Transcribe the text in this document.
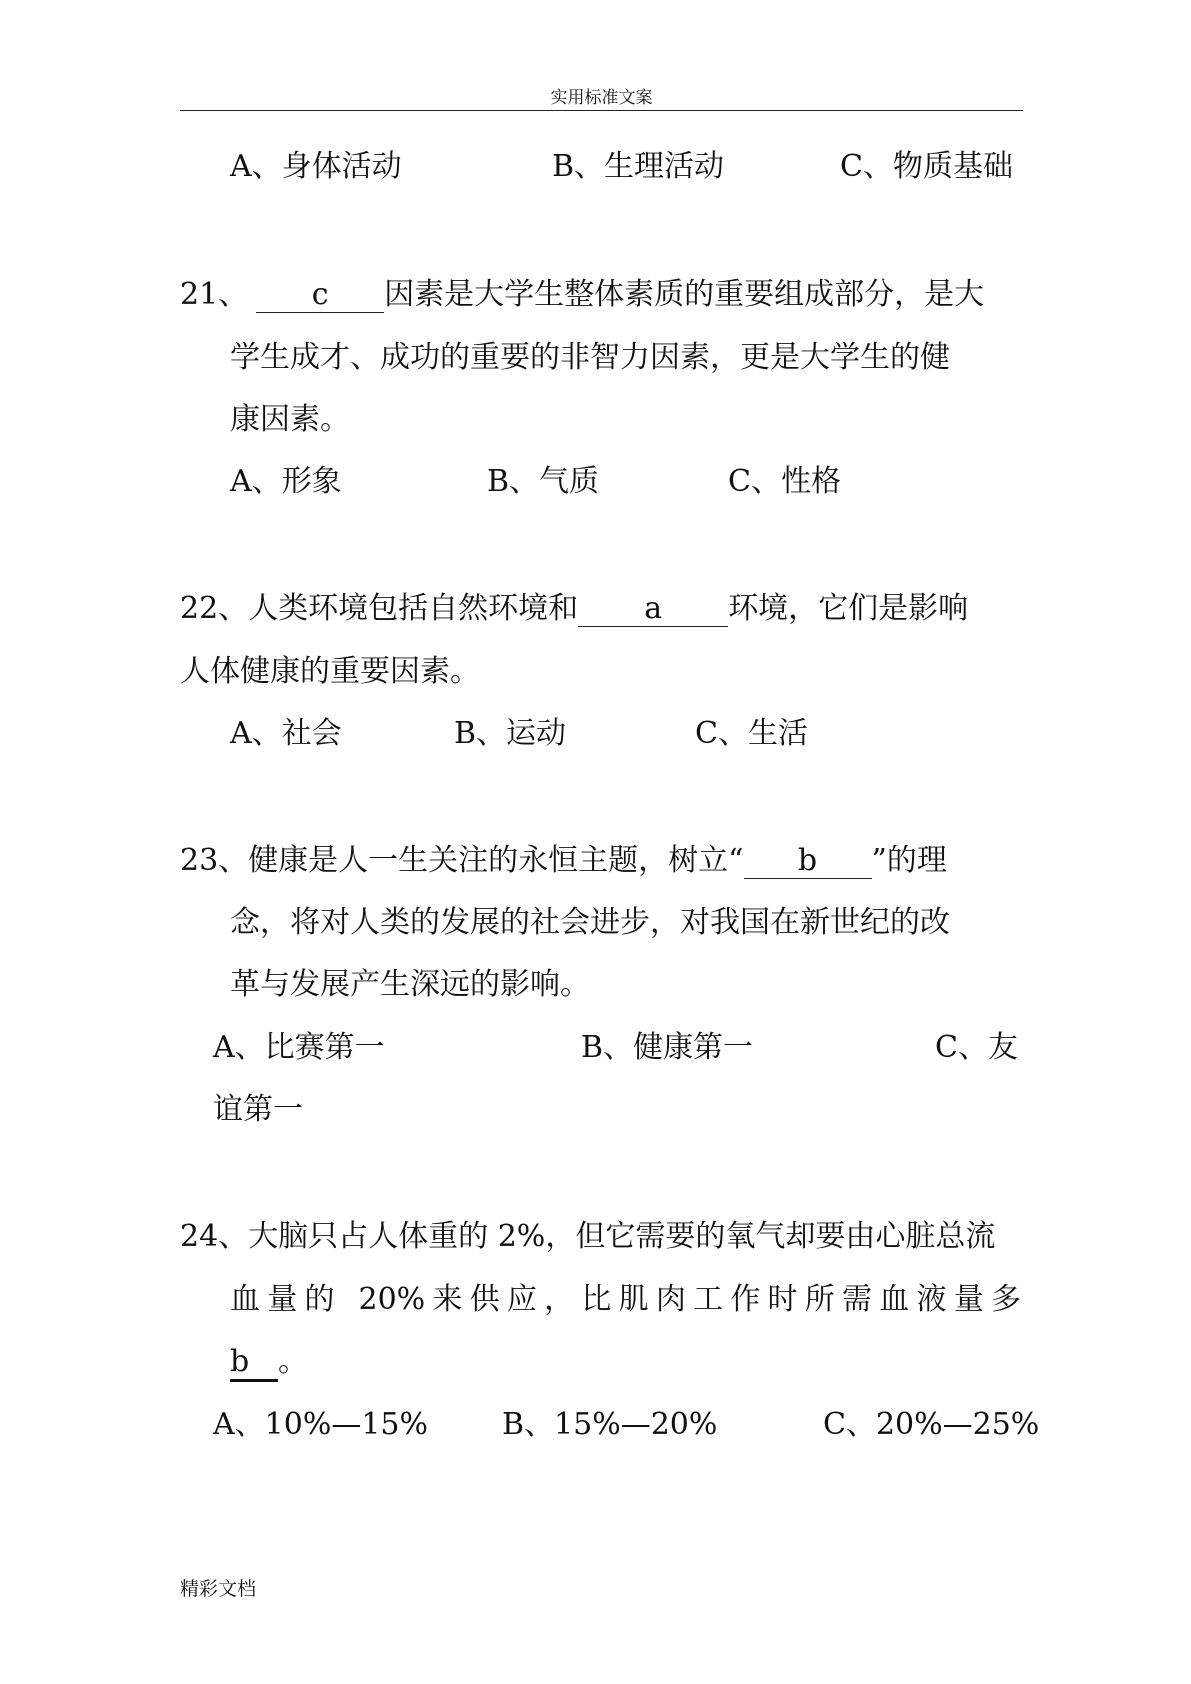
实用标准文案
A、身体活动	B、生理活动	C、物质基础
21、 c 因素是大学生整体素质的重要组成部分，是大
学生成才、成功的重要的非智力因素，更是大学生的健
康因素。
A、形象	B、气质	C、性格
22、人类环境包括自然环境和 a 环境，它们是影响
人体健康的重要因素。
A、社会	B、运动	C、生活
23、健康是人一生关注的永恒主题，树立“ b ”的理
念，将对人类的发展的社会进步，对我国在新世纪的改
革与发展产生深远的影响。
A、比赛第一	B、健康第一	C、友
谊第一
24、大脑只占人体重的 2%，但它需要的氧气却要由心脏总流
血量的 20%来供应，比肌肉工作时所需血液量多
b 。
A、10%—15% B、15%—20%	C、20%—25%
精彩文档
